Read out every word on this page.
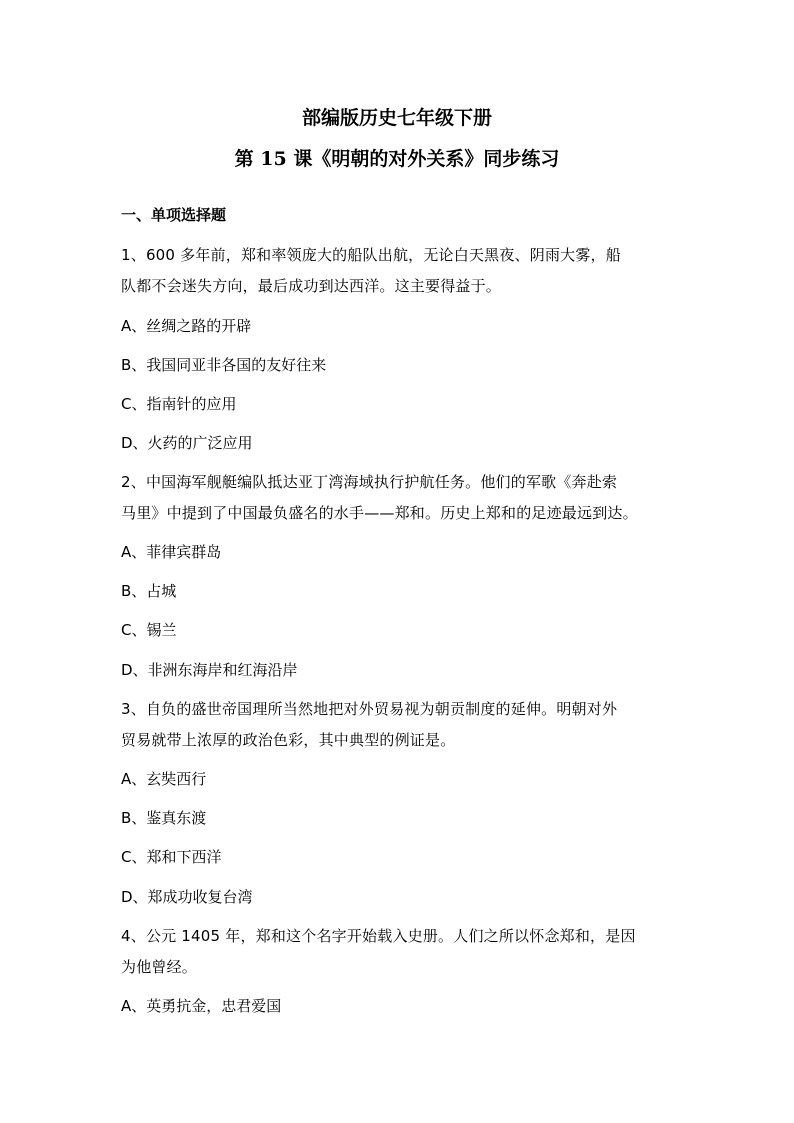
部编版历史七年级下册
第 15 课《明朝的对外关系》同步练习
一、单项选择题

1、600 多年前，郑和率领庞大的船队出航，无论白天黑夜、阴雨大雾，船

队都不会迷失方向，最后成功到达西洋。这主要得益于。

A、丝绸之路的开辟

B、我国同亚非各国的友好往来

C、指南针的应用

D、火药的广泛应用

2、中国海军舰艇编队抵达亚丁湾海域执行护航任务。他们的军歌《奔赴索

马里》中提到了中国最负盛名的水手——郑和。历史上郑和的足迹最远到达。

A、菲律宾群岛

B、占城

C、锡兰

D、非洲东海岸和红海沿岸

3、自负的盛世帝国理所当然地把对外贸易视为朝贡制度的延伸。明朝对外

贸易就带上浓厚的政治色彩，其中典型的例证是。

A、玄奘西行

B、鉴真东渡

C、郑和下西洋

D、郑成功收复台湾

4、公元 1405 年，郑和这个名字开始载入史册。人们之所以怀念郑和，是因

为他曾经。

A、英勇抗金，忠君爱国
